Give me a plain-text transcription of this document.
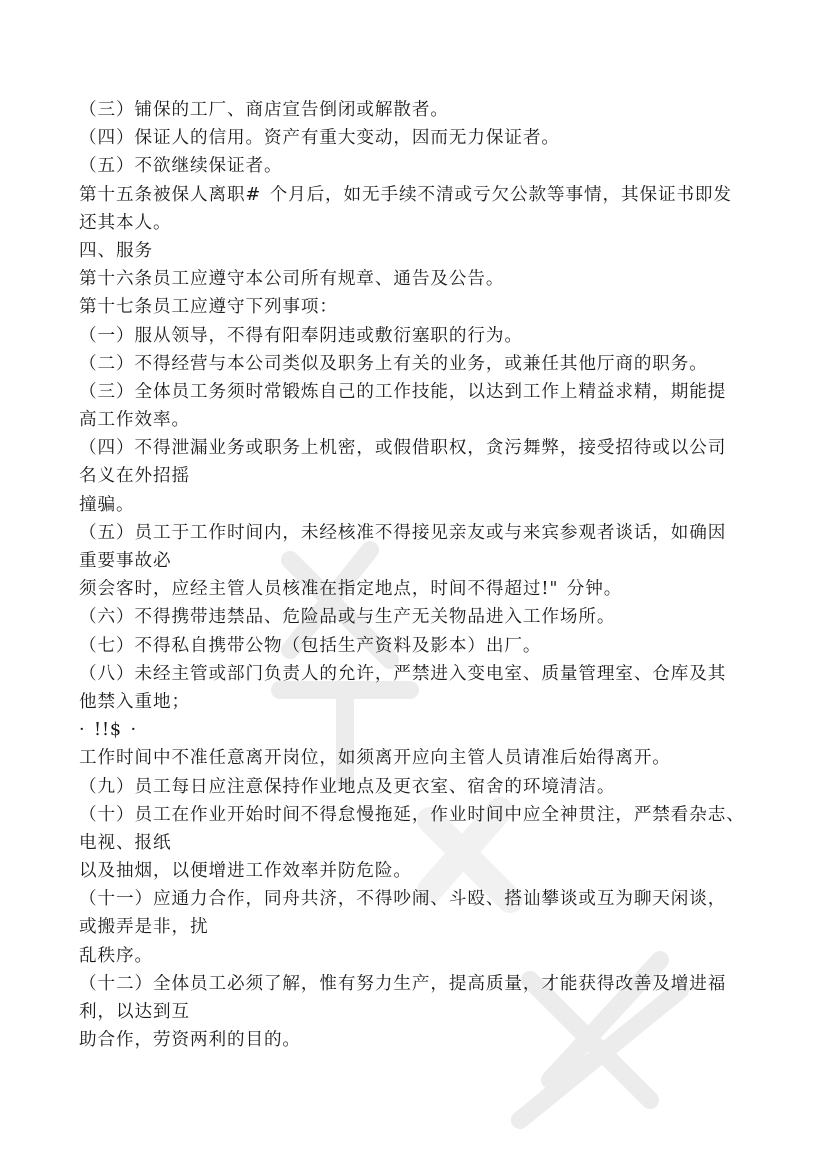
（三）铺保的工厂、商店宣告倒闭或解散者。
（四）保证人的信用。资产有重大变动，因而无力保证者。
（五）不欲继续保证者。
第十五条被保人离职# 个月后，如无手续不清或亏欠公款等事情，其保证书即发
还其本人。
四、服务
第十六条员工应遵守本公司所有规章、通告及公告。
第十七条员工应遵守下列事项：
（一）服从领导，不得有阳奉阴违或敷衍塞职的行为。
（二）不得经营与本公司类似及职务上有关的业务，或兼任其他厅商的职务。
（三）全体员工务须时常锻炼自己的工作技能，以达到工作上精益求精，期能提
高工作效率。
（四）不得泄漏业务或职务上机密，或假借职权，贪污舞弊，接受招待或以公司
名义在外招摇
撞骗。
（五）员工于工作时间内，未经核准不得接见亲友或与来宾参观者谈话，如确因
重要事故必
须会客时，应经主管人员核准在指定地点，时间不得超过!" 分钟。
（六）不得携带违禁品、危险品或与生产无关物品进入工作场所。
（七）不得私自携带公物（包括生产资料及影本）出厂。
（八）未经主管或部门负责人的允许，严禁进入变电室、质量管理室、仓库及其
他禁入重地；
· !!$ ·
工作时间中不准任意离开岗位，如须离开应向主管人员请准后始得离开。
（九）员工每日应注意保持作业地点及更衣室、宿舍的环境清洁。
（十）员工在作业开始时间不得怠慢拖延，作业时间中应全神贯注，严禁看杂志、
电视、报纸
以及抽烟，以便增进工作效率并防危险。
（十一）应通力合作，同舟共济，不得吵闹、斗殴、搭讪攀谈或互为聊天闲谈，
或搬弄是非，扰
乱秩序。
（十二）全体员工必须了解，惟有努力生产，提高质量，才能获得改善及增进福
利，以达到互
助合作，劳资两利的目的。
